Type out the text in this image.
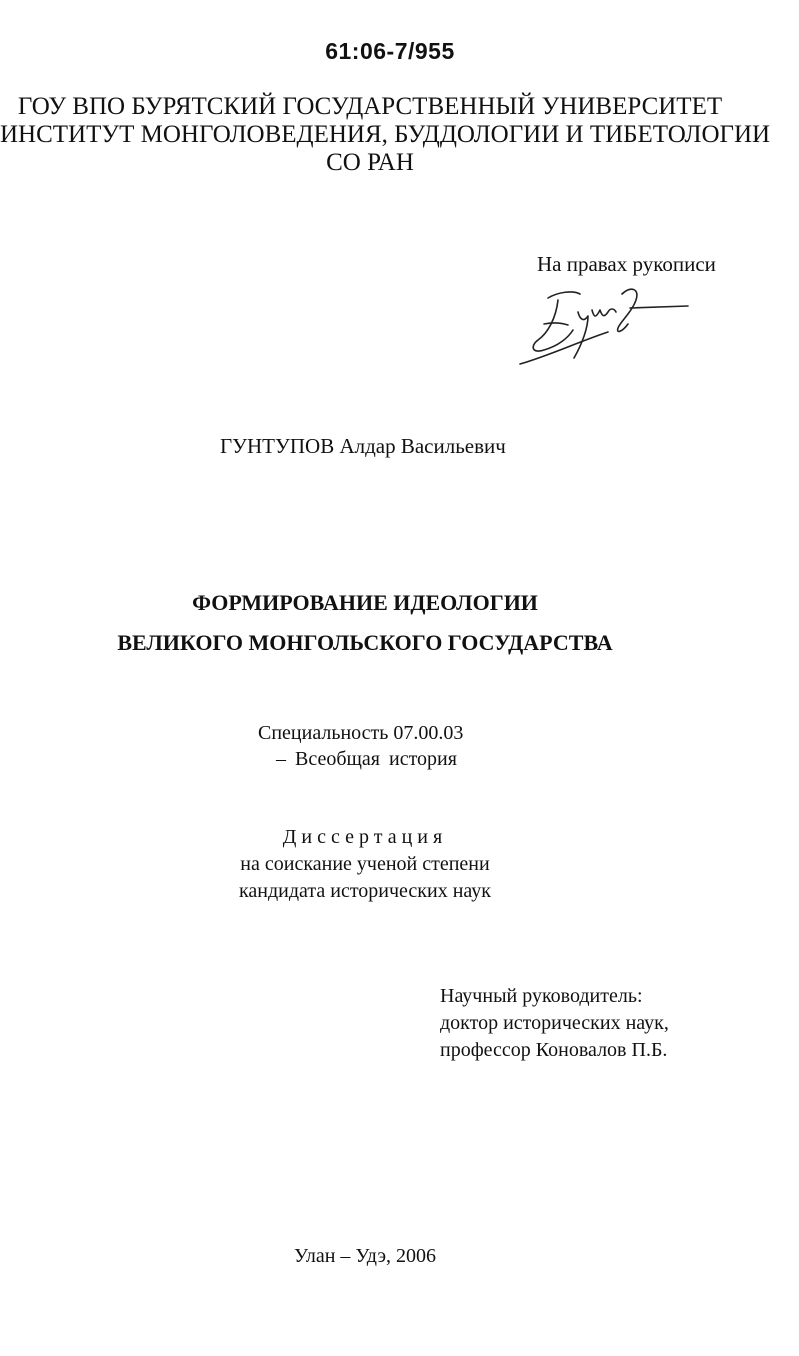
61:06-7/955
ГОУ ВПО БУРЯТСКИЙ ГОСУДАРСТВЕННЫЙ УНИВЕРСИТЕТ
ИНСТИТУТ МОНГОЛОВЕДЕНИЯ, БУДДОЛОГИИ И ТИБЕТОЛОГИИ
СО РАН
На правах рукописи
ГУНТУПОВ Алдар Васильевич
ФОРМИРОВАНИЕ ИДЕОЛОГИИ
ВЕЛИКОГО МОНГОЛЬСКОГО ГОСУДАРСТВА
Специальность 07.00.03
– Всеобщая история
Диссертация
на соискание ученой степени
кандидата исторических наук
Научный руководитель:
доктор исторических наук,
профессор Коновалов П.Б.
Улан – Удэ, 2006
